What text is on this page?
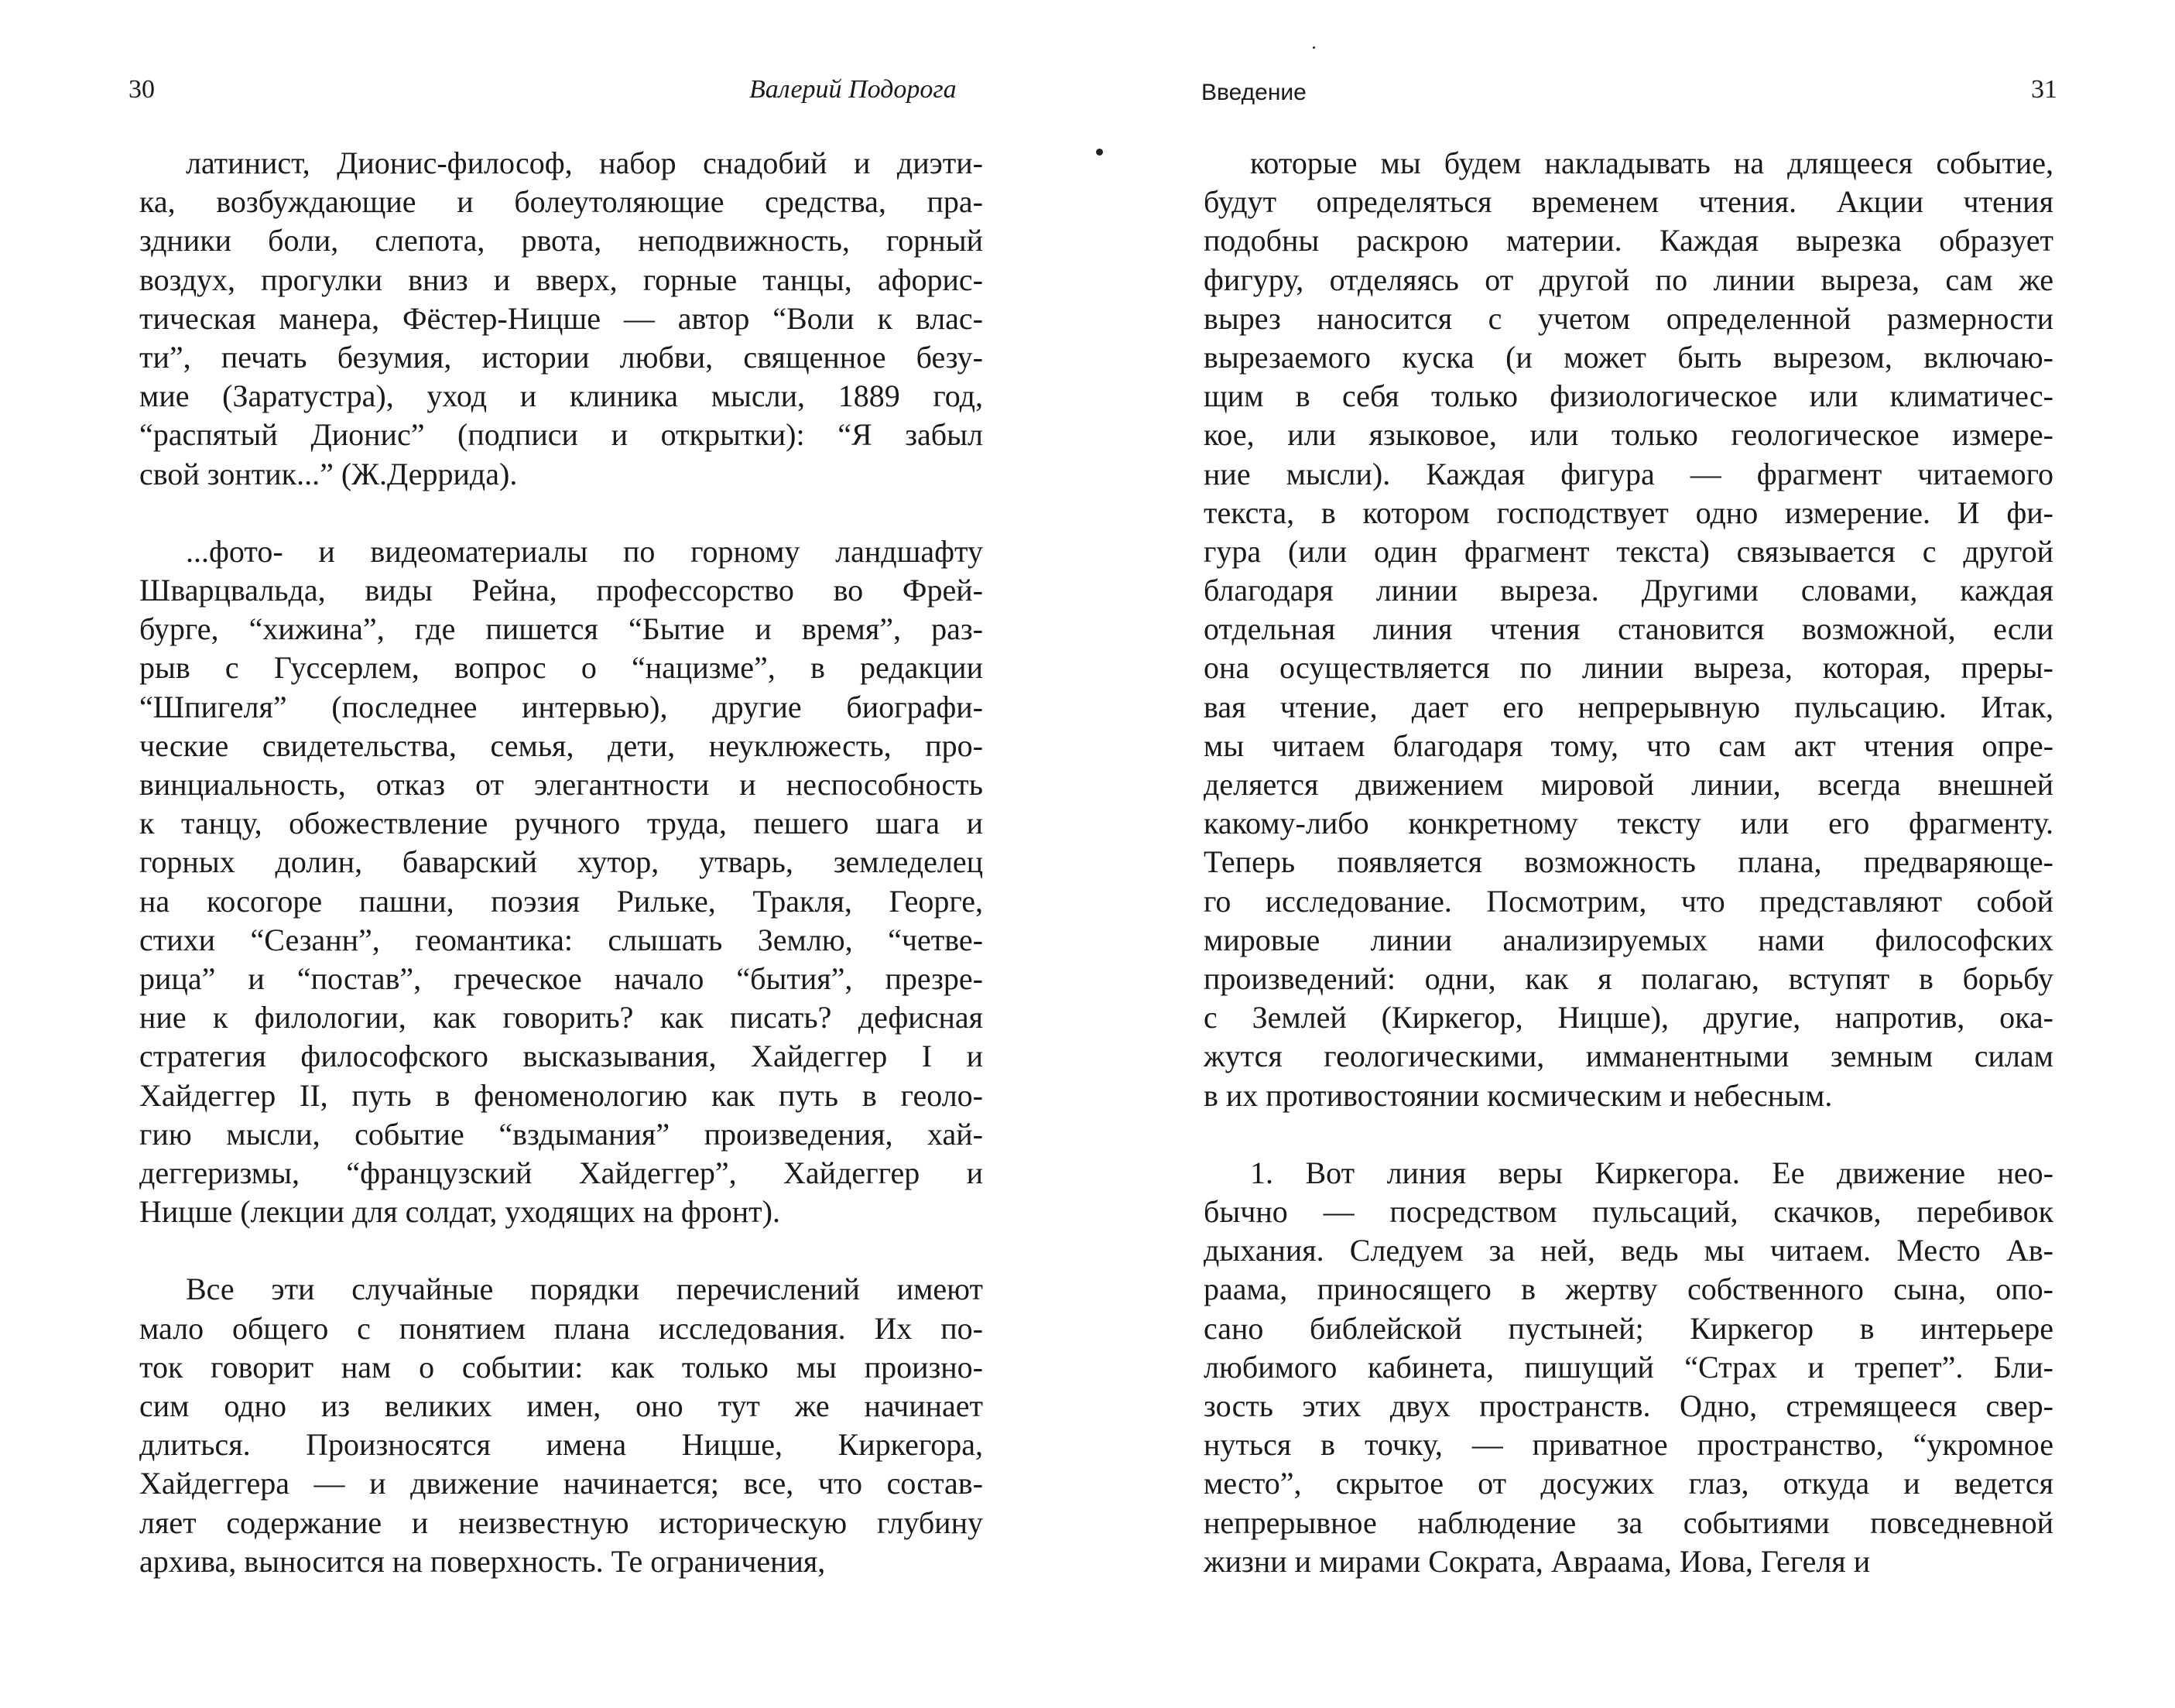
30	Валерий Подорога
латинист, Дионис-философ, набор снадобий и диэти-
ка, возбуждающие и болеутоляющие средства, пра-
здники боли, слепота, рвота, неподвижность, горный
воздух, прогулки вниз и вверх, горные танцы, афорис-
тическая манера, Фёстер-Ницше — автор “Воли к влас-
ти”, печать безумия, истории любви, священное безу-
мие (Заратустра), уход и клиника мысли, 1889 год,
“распятый Дионис” (подписи и открытки): “Я забыл
свой зонтик...” (Ж.Деррида).
...фото- и видеоматериалы по горному ландшафту
Шварцвальда, виды Рейна, профессорство во Фрей-
бурге, “хижина”, где пишется “Бытие и время”, раз-
рыв с Гуссерлем, вопрос о “нацизме”, в редакции
“Шпигеля” (последнее интервью), другие биографи-
ческие свидетельства, семья, дети, неуклюжесть, про-
винциальность, отказ от элегантности и неспособность
к танцу, обожествление ручного труда, пешего шага и
горных долин, баварский хутор, утварь, земледелец
на косогоре пашни, поэзия Рильке, Тракля, Георге,
стихи “Сезанн”, геомантика: слышать Землю, “четве-
рица” и “постав”, греческое начало “бытия”, презре-
ние к филологии, как говорить? как писать? дефисная
стратегия философского высказывания, Хайдеггер I и
Хайдеггер II, путь в феноменологию как путь в геоло-
гию мысли, событие “вздымания” произведения, хай-
деггеризмы, “французский Хайдеггер”, Хайдеггер и
Ницше (лекции для солдат, уходящих на фронт).
Все эти случайные порядки перечислений имеют
мало общего с понятием плана исследования. Их по-
ток говорит нам о событии: как только мы произно-
сим одно из великих имен, оно тут же начинает
длиться. Произносятся имена Ницше, Киркегора,
Хайдеггера — и движение начинается; все, что состав-
ляет содержание и неизвестную историческую глубину
архива, выносится на поверхность. Те ограничения,
Введение	31
которые мы будем накладывать на длящееся событие,
будут определяться временем чтения. Акции чтения
подобны раскрою материи. Каждая вырезка образует
фигуру, отделяясь от другой по линии выреза, сам же
вырез наносится с учетом определенной размерности
вырезаемого куска (и может быть вырезом, включаю-
щим в себя только физиологическое или климатичес-
кое, или языковое, или только геологическое измере-
ние мысли). Каждая фигура — фрагмент читаемого
текста, в котором господствует одно измерение. И фи-
гура (или один фрагмент текста) связывается с другой
благодаря линии выреза. Другими словами, каждая
отдельная линия чтения становится возможной, если
она осуществляется по линии выреза, которая, преры-
вая чтение, дает его непрерывную пульсацию. Итак,
мы читаем благодаря тому, что сам акт чтения опре-
деляется движением мировой линии, всегда внешней
какому-либо конкретному тексту или его фрагменту.
Теперь появляется возможность плана, предваряюще-
го исследование. Посмотрим, что представляют собой
мировые линии анализируемых нами философских
произведений: одни, как я полагаю, вступят в борьбу
с Землей (Киркегор, Ницше), другие, напротив, ока-
жутся геологическими, имманентными земным силам
в их противостоянии космическим и небесным.
1. Вот линия веры Киркегора. Ее движение нео-
бычно — посредством пульсаций, скачков, перебивок
дыхания. Следуем за ней, ведь мы читаем. Место Ав-
раама, приносящего в жертву собственного сына, опо-
сано библейской пустыней; Киркегор в интерьере
любимого кабинета, пишущий “Страх и трепет”. Бли-
зость этих двух пространств. Одно, стремящееся свер-
нуться в точку, — приватное пространство, “укромное
место”, скрытое от досужих глаз, откуда и ведется
непрерывное наблюдение за событиями повседневной
жизни и мирами Сократа, Авраама, Иова, Гегеля и
